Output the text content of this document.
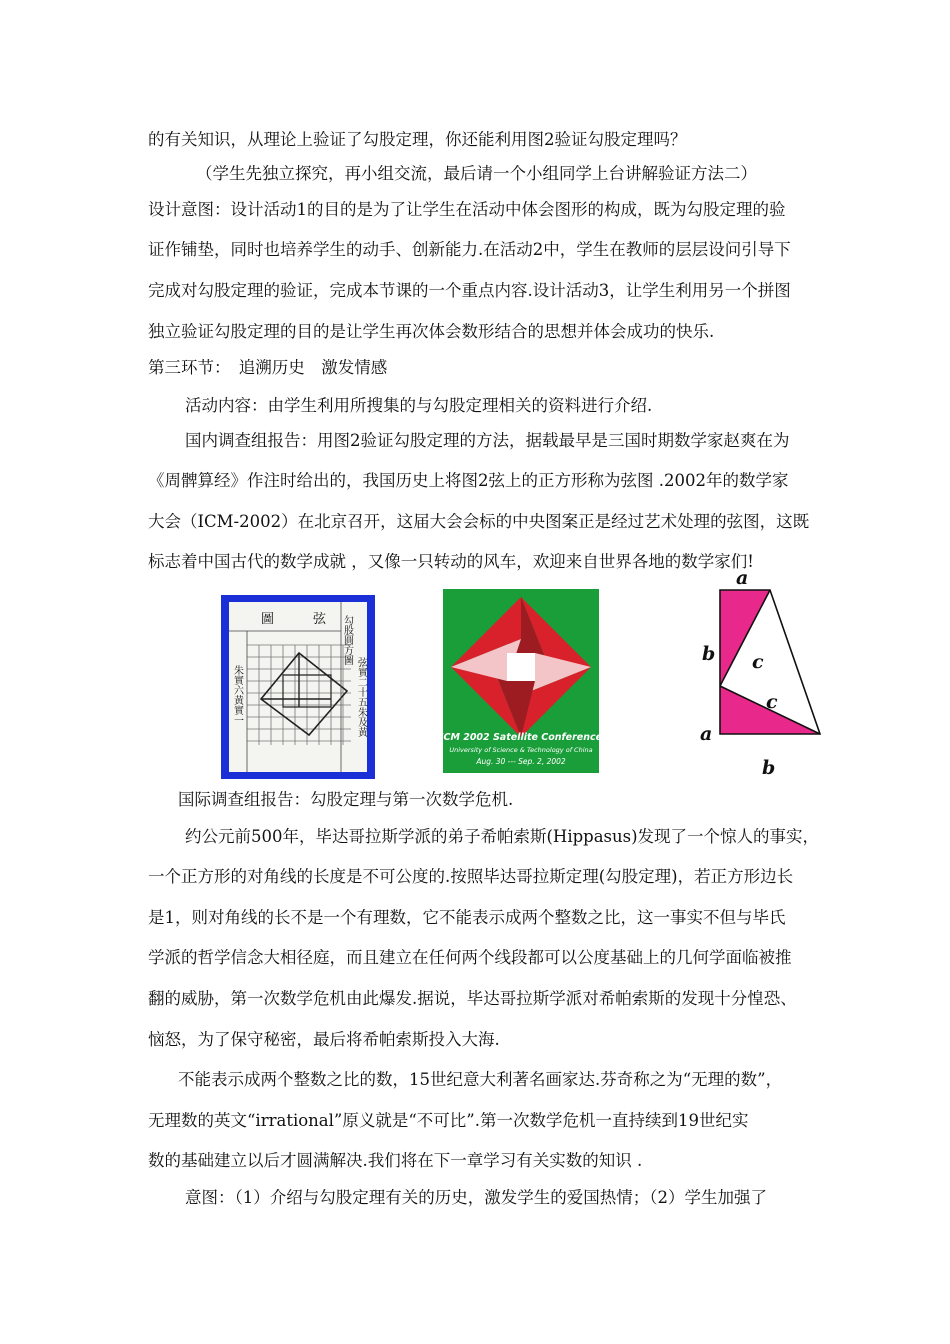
的有关知识，从理论上验证了勾股定理，你还能利用图2验证勾股定理吗？
（学生先独立探究，再小组交流，最后请一个小组同学上台讲解验证方法二）
设计意图：设计活动1的目的是为了让学生在活动中体会图形的构成，既为勾股定理的验
证作铺垫，同时也培养学生的动手、创新能力.在活动2中，学生在教师的层层设问引导下
完成对勾股定理的验证，完成本节课的一个重点内容.设计活动3，让学生利用另一个拼图
独立验证勾股定理的目的是让学生再次体会数形结合的思想并体会成功的快乐.
第三环节：　追溯历史　激发情感
活动内容：由学生利用所搜集的与勾股定理相关的资料进行介绍.
国内调查组报告：用图2验证勾股定理的方法，据载最早是三国时期数学家赵爽在为
《周髀算经》作注时给出的，我国历史上将图2弦上的正方形称为弦图 .2002年的数学家
大会（ICM-2002）在北京召开，这届大会会标的中央图案正是经过艺术处理的弦图，这既
标志着中国古代的数学成就 ，又像一只转动的风车，欢迎来自世界各地的数学家们!
国际调查组报告：勾股定理与第一次数学危机.
约公元前500年，毕达哥拉斯学派的弟子希帕索斯(Hippasus)发现了一个惊人的事实，
一个正方形的对角线的长度是不可公度的.按照毕达哥拉斯定理(勾股定理)，若正方形边长
是1，则对角线的长不是一个有理数，它不能表示成两个整数之比，这一事实不但与毕氏
学派的哲学信念大相径庭，而且建立在任何两个线段都可以公度基础上的几何学面临被推
翻的威胁，第一次数学危机由此爆发.据说，毕达哥拉斯学派对希帕索斯的发现十分惶恐、
恼怒，为了保守秘密，最后将希帕索斯投入大海.
不能表示成两个整数之比的数，15世纪意大利著名画家达.芬奇称之为“无理的数”，
无理数的英文“irrational”原义就是“不可比”.第一次数学危机一直持续到19世纪实
数的基础建立以后才圆满解决.我们将在下一章学习有关实数的知识 .
意图：（1）介绍与勾股定理有关的历史，激发学生的爱国热情；（2）学生加强了
圖	弦 勾股圓方圖
弦實二十五朱及黄
朱實六黄實一
ICM 2002 Satellite Conference
University of Science & Technology of China
Aug. 30 --- Sep. 2, 2002
a
b c
c
a
b
